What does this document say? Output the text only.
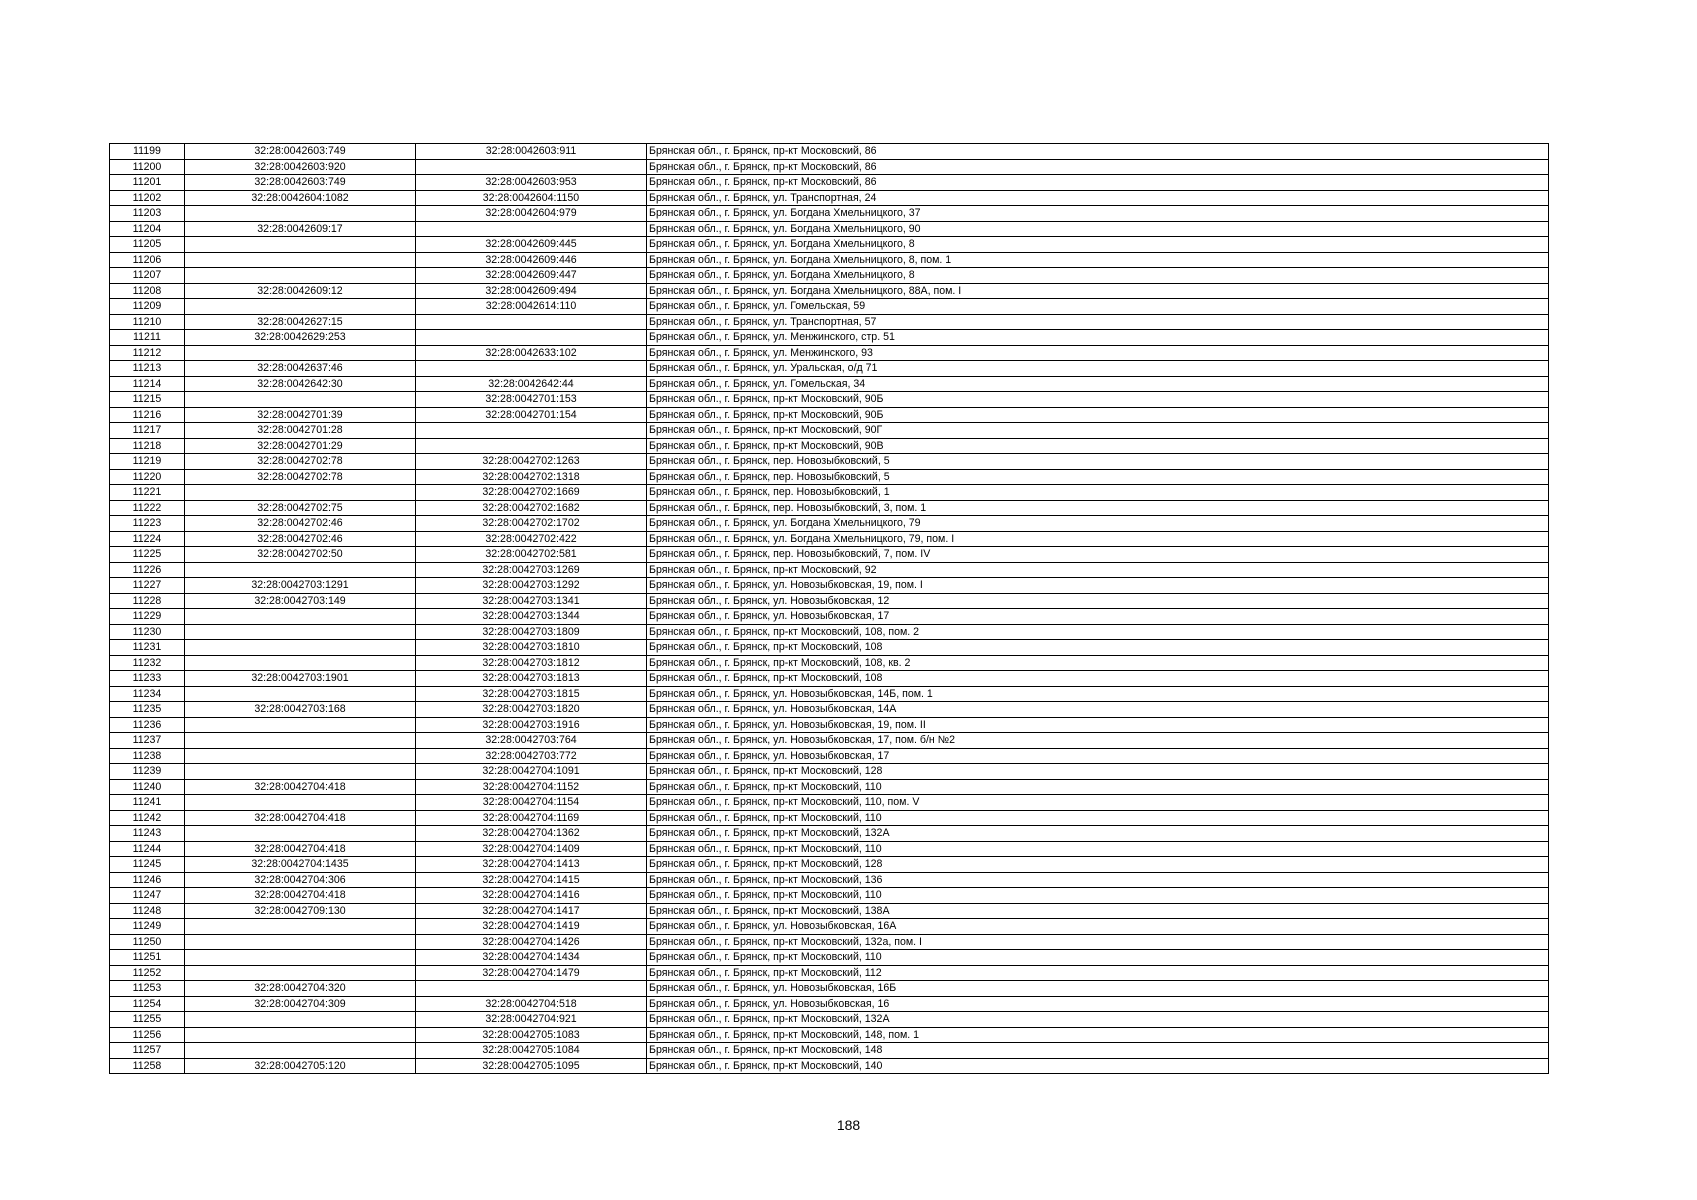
11199	32:28:0042603:749	32:28:0042603:911	Брянская обл., г. Брянск, пр-кт Московский, 86
11200	32:28:0042603:920		Брянская обл., г. Брянск, пр-кт Московский, 86
11201	32:28:0042603:749	32:28:0042603:953	Брянская обл., г. Брянск, пр-кт Московский, 86
11202	32:28:0042604:1082	32:28:0042604:1150	Брянская обл., г. Брянск, ул. Транспортная, 24
11203		32:28:0042604:979	Брянская обл., г. Брянск, ул. Богдана Хмельницкого, 37
11204	32:28:0042609:17		Брянская обл., г. Брянск, ул. Богдана Хмельницкого, 90
11205		32:28:0042609:445	Брянская обл., г. Брянск, ул. Богдана Хмельницкого, 8
11206		32:28:0042609:446	Брянская обл., г. Брянск, ул. Богдана Хмельницкого, 8, пом. 1
11207		32:28:0042609:447	Брянская обл., г. Брянск, ул. Богдана Хмельницкого, 8
11208	32:28:0042609:12	32:28:0042609:494	Брянская обл., г. Брянск, ул. Богдана Хмельницкого, 88А, пом. I
11209		32:28:0042614:110	Брянская обл., г. Брянск, ул. Гомельская, 59
11210	32:28:0042627:15		Брянская обл., г. Брянск, ул. Транспортная, 57
11211	32:28:0042629:253		Брянская обл., г. Брянск, ул. Менжинского, стр. 51
11212		32:28:0042633:102	Брянская обл., г. Брянск, ул. Менжинского, 93
11213	32:28:0042637:46		Брянская обл., г. Брянск, ул. Уральская, о/д 71
11214	32:28:0042642:30	32:28:0042642:44	Брянская обл., г. Брянск, ул. Гомельская, 34
11215		32:28:0042701:153	Брянская обл., г. Брянск, пр-кт Московский, 90Б
11216	32:28:0042701:39	32:28:0042701:154	Брянская обл., г. Брянск, пр-кт Московский, 90Б
11217	32:28:0042701:28		Брянская обл., г. Брянск, пр-кт Московский, 90Г
11218	32:28:0042701:29		Брянская обл., г. Брянск, пр-кт Московский, 90В
11219	32:28:0042702:78	32:28:0042702:1263	Брянская обл., г. Брянск, пер. Новозыбковский, 5
11220	32:28:0042702:78	32:28:0042702:1318	Брянская обл., г. Брянск, пер. Новозыбковский, 5
11221		32:28:0042702:1669	Брянская обл., г. Брянск, пер. Новозыбковский, 1
11222	32:28:0042702:75	32:28:0042702:1682	Брянская обл., г. Брянск, пер. Новозыбковский, 3, пом. 1
11223	32:28:0042702:46	32:28:0042702:1702	Брянская обл., г. Брянск, ул. Богдана Хмельницкого, 79
11224	32:28:0042702:46	32:28:0042702:422	Брянская обл., г. Брянск, ул. Богдана Хмельницкого, 79, пом. I
11225	32:28:0042702:50	32:28:0042702:581	Брянская обл., г. Брянск, пер. Новозыбковский, 7, пом. IV
11226		32:28:0042703:1269	Брянская обл., г. Брянск, пр-кт Московский, 92
11227	32:28:0042703:1291	32:28:0042703:1292	Брянская обл., г. Брянск, ул. Новозыбковская, 19, пом. I
11228	32:28:0042703:149	32:28:0042703:1341	Брянская обл., г. Брянск, ул. Новозыбковская, 12
11229		32:28:0042703:1344	Брянская обл., г. Брянск, ул. Новозыбковская, 17
11230		32:28:0042703:1809	Брянская обл., г. Брянск, пр-кт Московский, 108, пом. 2
11231		32:28:0042703:1810	Брянская обл., г. Брянск, пр-кт Московский, 108
11232		32:28:0042703:1812	Брянская обл., г. Брянск, пр-кт Московский, 108, кв. 2
11233	32:28:0042703:1901	32:28:0042703:1813	Брянская обл., г. Брянск, пр-кт Московский, 108
11234		32:28:0042703:1815	Брянская обл., г. Брянск, ул. Новозыбковская, 14Б, пом. 1
11235	32:28:0042703:168	32:28:0042703:1820	Брянская обл., г. Брянск, ул. Новозыбковская, 14А
11236		32:28:0042703:1916	Брянская обл., г. Брянск, ул. Новозыбковская, 19, пом. II
11237		32:28:0042703:764	Брянская обл., г. Брянск, ул. Новозыбковская, 17, пом. б/н №2
11238		32:28:0042703:772	Брянская обл., г. Брянск, ул. Новозыбковская, 17
11239		32:28:0042704:1091	Брянская обл., г. Брянск, пр-кт Московский, 128
11240	32:28:0042704:418	32:28:0042704:1152	Брянская обл., г. Брянск, пр-кт Московский, 110
11241		32:28:0042704:1154	Брянская обл., г. Брянск, пр-кт Московский, 110, пом. V
11242	32:28:0042704:418	32:28:0042704:1169	Брянская обл., г. Брянск, пр-кт Московский, 110
11243		32:28:0042704:1362	Брянская обл., г. Брянск, пр-кт Московский, 132А
11244	32:28:0042704:418	32:28:0042704:1409	Брянская обл., г. Брянск, пр-кт Московский, 110
11245	32:28:0042704:1435	32:28:0042704:1413	Брянская обл., г. Брянск, пр-кт Московский, 128
11246	32:28:0042704:306	32:28:0042704:1415	Брянская обл., г. Брянск, пр-кт Московский, 136
11247	32:28:0042704:418	32:28:0042704:1416	Брянская обл., г. Брянск, пр-кт Московский, 110
11248	32:28:0042709:130	32:28:0042704:1417	Брянская обл., г. Брянск, пр-кт Московский, 138А
11249		32:28:0042704:1419	Брянская обл., г. Брянск, ул. Новозыбковская, 16А
11250		32:28:0042704:1426	Брянская обл., г. Брянск, пр-кт Московский, 132а, пом. I
11251		32:28:0042704:1434	Брянская обл., г. Брянск, пр-кт Московский, 110
11252		32:28:0042704:1479	Брянская обл., г. Брянск, пр-кт Московский, 112
11253	32:28:0042704:320		Брянская обл., г. Брянск, ул. Новозыбковская, 16Б
11254	32:28:0042704:309	32:28:0042704:518	Брянская обл., г. Брянск, ул. Новозыбковская, 16
11255		32:28:0042704:921	Брянская обл., г. Брянск, пр-кт Московский, 132А
11256		32:28:0042705:1083	Брянская обл., г. Брянск, пр-кт Московский, 148, пом. 1
11257		32:28:0042705:1084	Брянская обл., г. Брянск, пр-кт Московский, 148
11258	32:28:0042705:120	32:28:0042705:1095	Брянская обл., г. Брянск, пр-кт Московский, 140
188
